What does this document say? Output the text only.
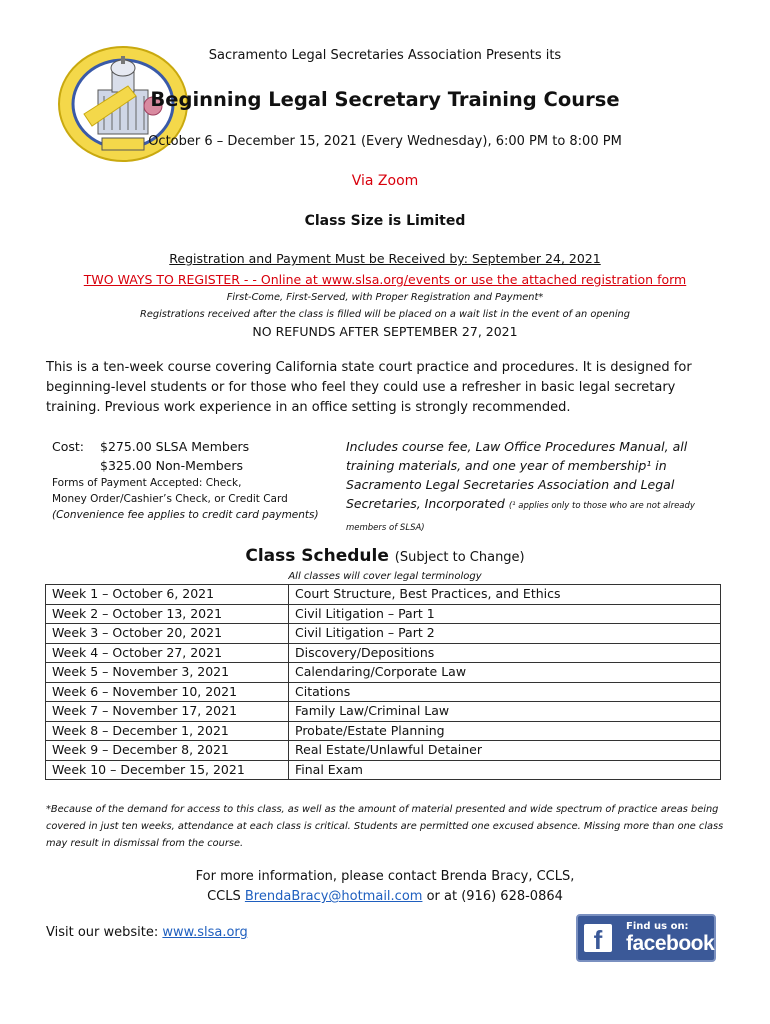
Sacramento Legal Secretaries Association Presents its
Beginning Legal Secretary Training Course
October 6 – December 15, 2021 (Every Wednesday), 6:00 PM to 8:00 PM
Via Zoom
Class Size is Limited
Registration and Payment Must be Received by: September 24, 2021
TWO WAYS TO REGISTER - - Online at www.slsa.org/events or use the attached registration form
First-Come, First-Served, with Proper Registration and Payment*
Registrations received after the class is filled will be placed on a wait list in the event of an opening
NO REFUNDS AFTER SEPTEMBER 27, 2021
This is a ten-week course covering California state court practice and procedures. It is designed for beginning-level students or for those who feel they could use a refresher in basic legal secretary training. Previous work experience in an office setting is strongly recommended.
Cost: $275.00 SLSA Members
$325.00 Non-Members
Forms of Payment Accepted: Check,
Money Order/Cashier’s Check, or Credit Card
(Convenience fee applies to credit card payments)
Includes course fee, Law Office Procedures Manual, all training materials, and one year of membership¹ in Sacramento Legal Secretaries Association and Legal Secretaries, Incorporated (¹ applies only to those who are not already members of SLSA)
Class Schedule (Subject to Change)
All classes will cover legal terminology
Week 1 – October 6, 2021	Court Structure, Best Practices, and Ethics
Week 2 – October 13, 2021	Civil Litigation – Part 1
Week 3 – October 20, 2021	Civil Litigation – Part 2
Week 4 – October 27, 2021	Discovery/Depositions
Week 5 – November 3, 2021	Calendaring/Corporate Law
Week 6 – November 10, 2021	Citations
Week 7 – November 17, 2021	Family Law/Criminal Law
Week 8 – December 1, 2021	Probate/Estate Planning
Week 9 – December 8, 2021	Real Estate/Unlawful Detainer
Week 10 – December 15, 2021	Final Exam
*Because of the demand for access to this class, as well as the amount of material presented and wide spectrum of practice areas being covered in just ten weeks, attendance at each class is critical. Students are permitted one excused absence. Missing more than one class may result in dismissal from the course.
For more information, please contact Brenda Bracy, CCLS,
CCLS BrendaBracy@hotmail.com or at (916) 628-0864
Visit our website: www.slsa.org	f	Find us on:
facebook
